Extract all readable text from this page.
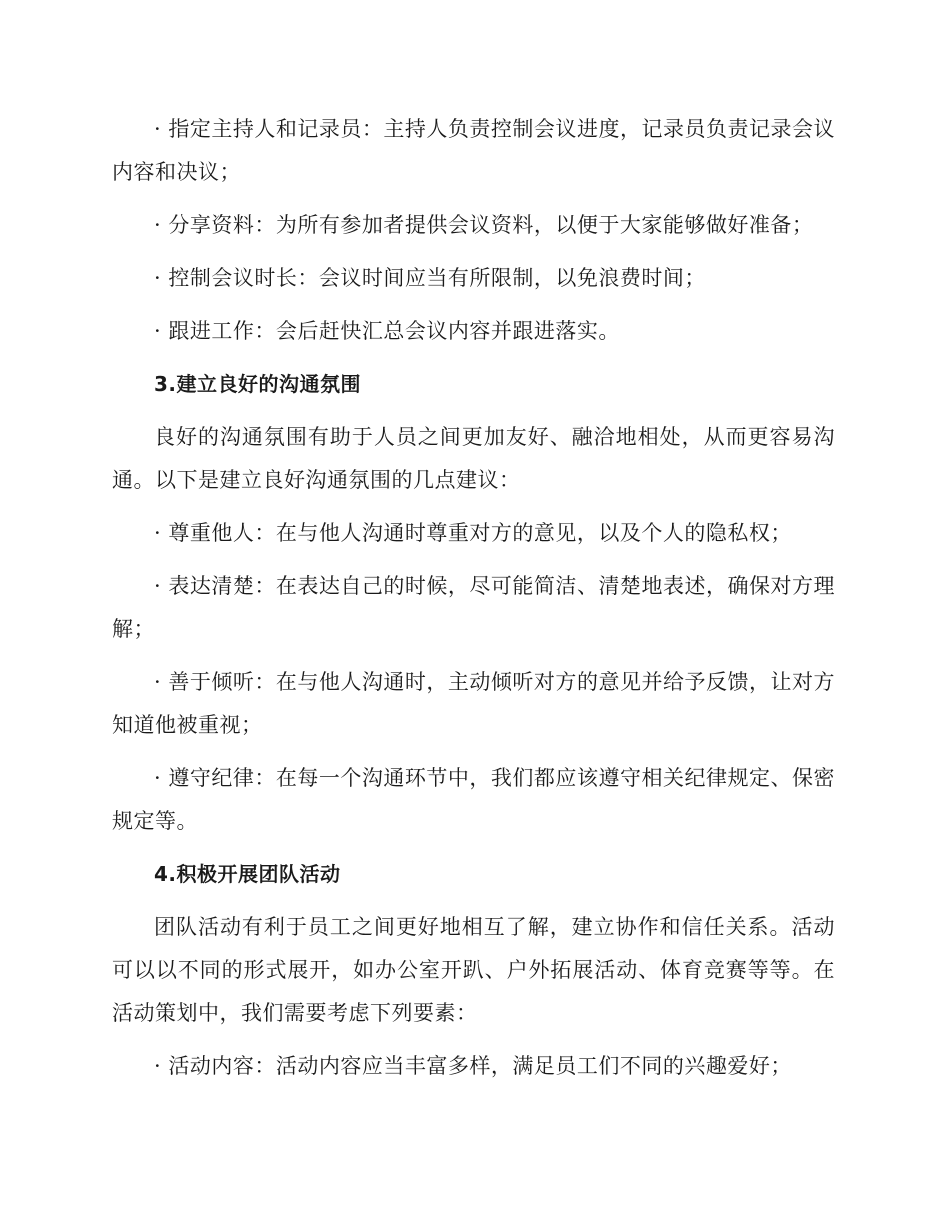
· 指定主持人和记录员：主持人负责控制会议进度，记录员负责记录会议内容和决议；

· 分享资料：为所有参加者提供会议资料，以便于大家能够做好准备；

· 控制会议时长：会议时间应当有所限制，以免浪费时间；

· 跟进工作：会后赶快汇总会议内容并跟进落实。

3.建立良好的沟通氛围

良好的沟通氛围有助于人员之间更加友好、融洽地相处，从而更容易沟通。以下是建立良好沟通氛围的几点建议：

· 尊重他人：在与他人沟通时尊重对方的意见，以及个人的隐私权；

· 表达清楚：在表达自己的时候，尽可能简洁、清楚地表述，确保对方理解；

· 善于倾听：在与他人沟通时，主动倾听对方的意见并给予反馈，让对方知道他被重视；

· 遵守纪律：在每一个沟通环节中，我们都应该遵守相关纪律规定、保密规定等。

4.积极开展团队活动

团队活动有利于员工之间更好地相互了解，建立协作和信任关系。活动可以以不同的形式展开，如办公室开趴、户外拓展活动、体育竞赛等等。在活动策划中，我们需要考虑下列要素：

· 活动内容：活动内容应当丰富多样，满足员工们不同的兴趣爱好；
